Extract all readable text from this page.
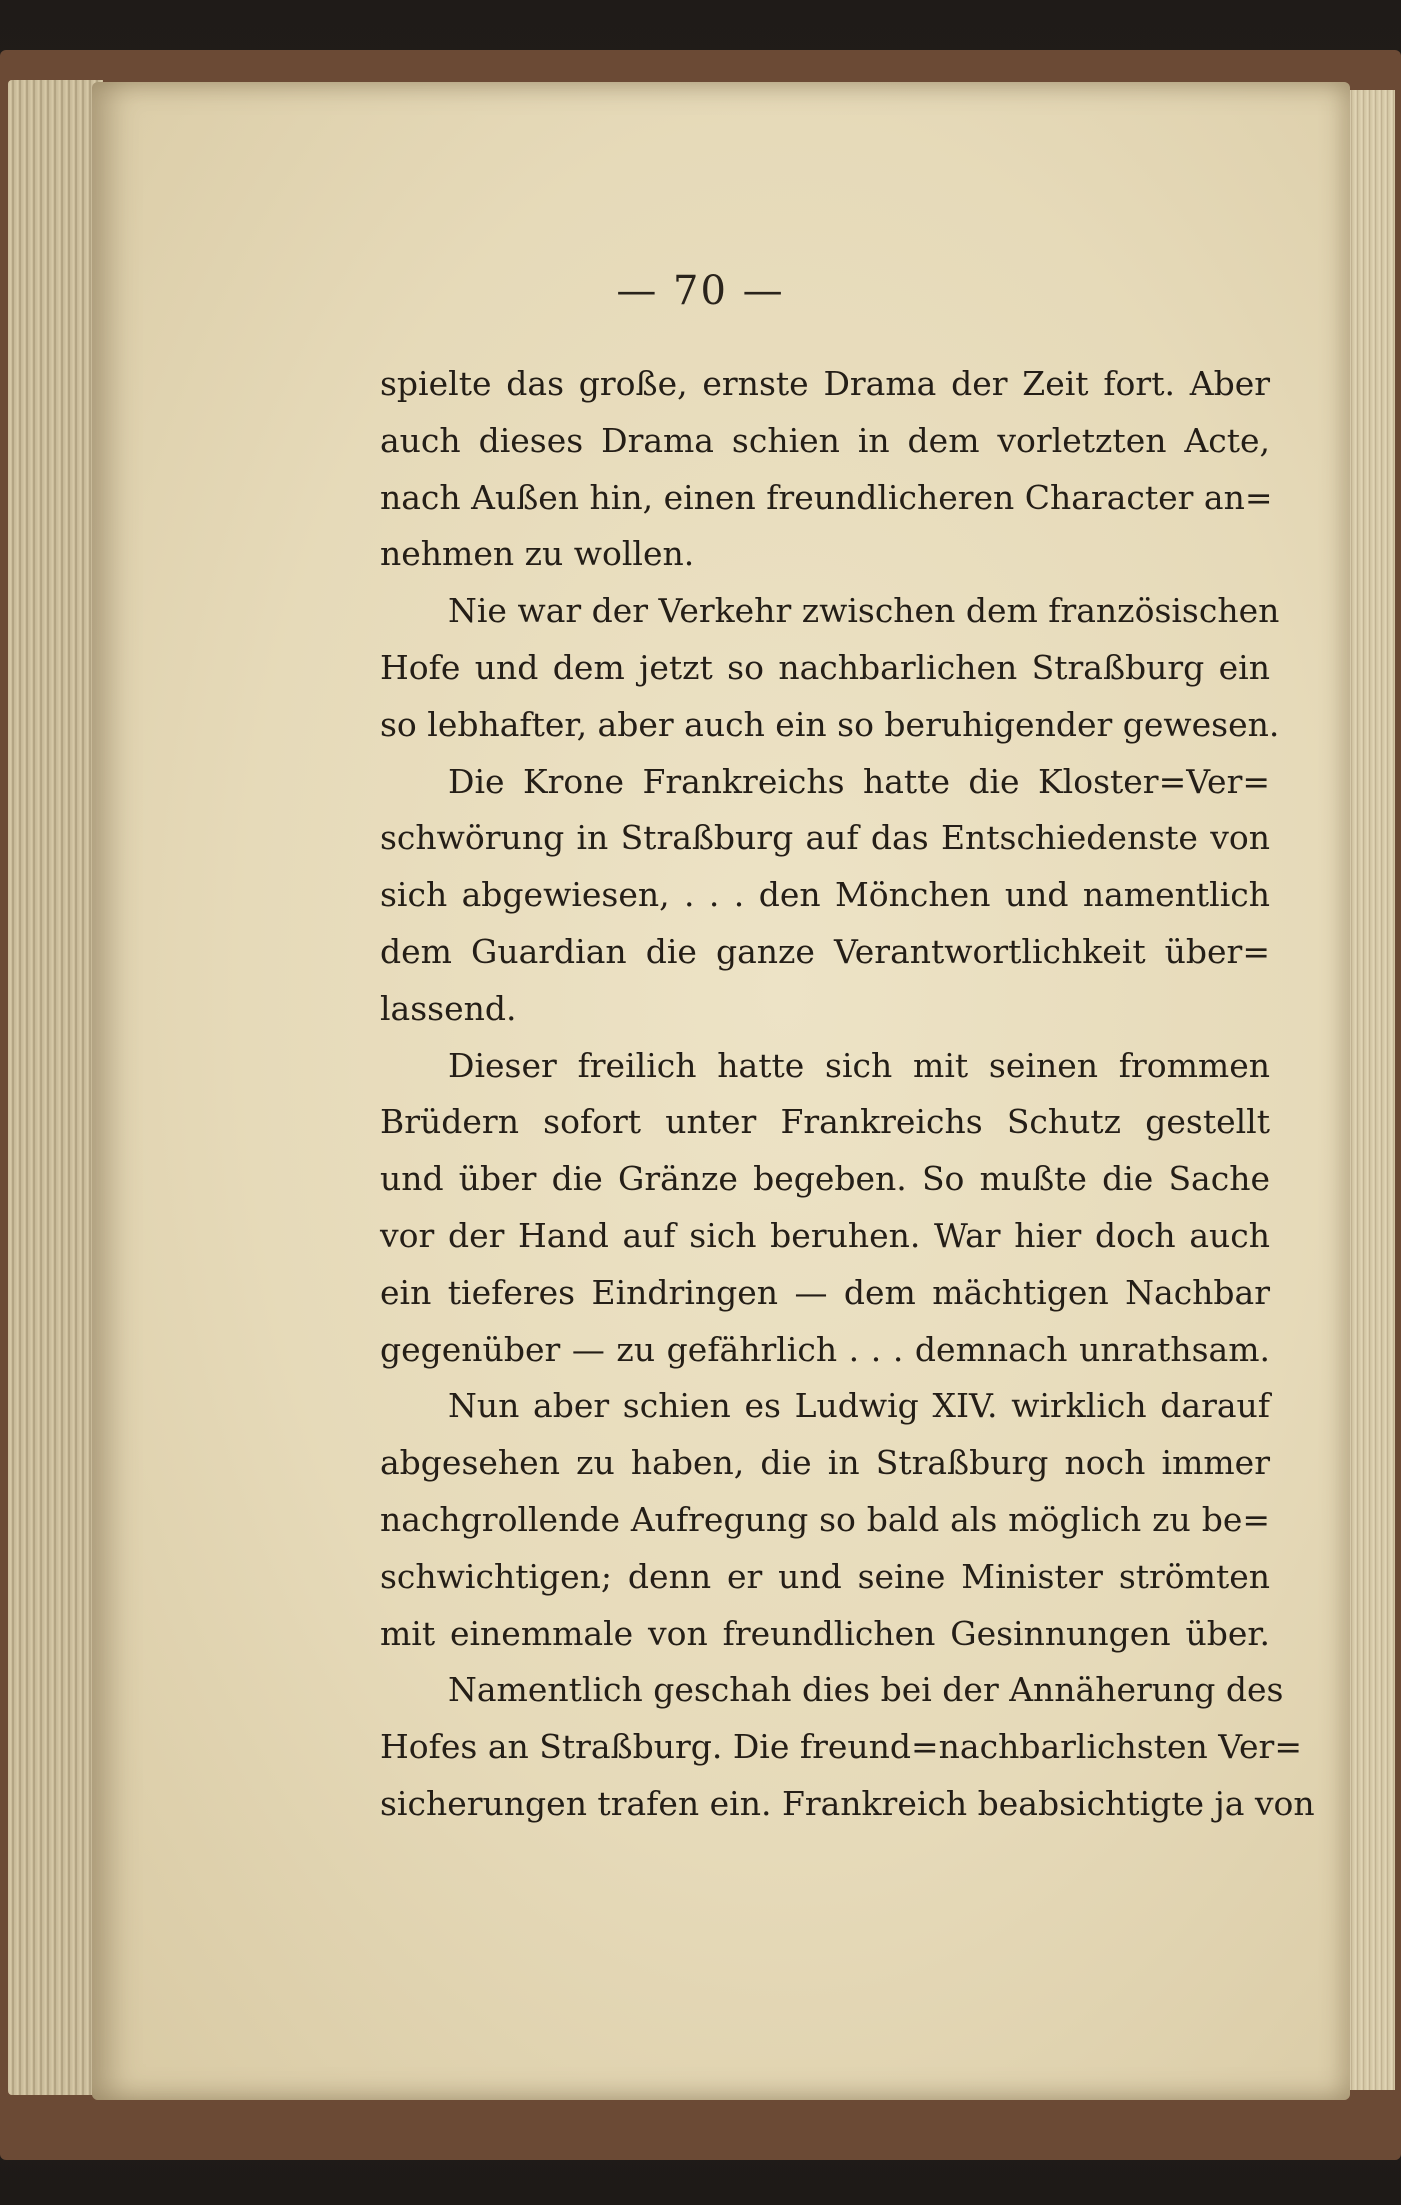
— 70 —
spielte das große, ernste Drama der Zeit fort. Aber
auch dieses Drama schien in dem vorletzten Acte,
nach Außen hin, einen freundlicheren Character an=
nehmen zu wollen.
Nie war der Verkehr zwischen dem französischen
Hofe und dem jetzt so nachbarlichen Straßburg ein
so lebhafter, aber auch ein so beruhigender gewesen.
Die Krone Frankreichs hatte die Kloster=Ver=
schwörung in Straßburg auf das Entschiedenste von
sich abgewiesen, . . . den Mönchen und namentlich
dem Guardian die ganze Verantwortlichkeit über=
lassend.
Dieser freilich hatte sich mit seinen frommen
Brüdern sofort unter Frankreichs Schutz gestellt
und über die Gränze begeben. So mußte die Sache
vor der Hand auf sich beruhen. War hier doch auch
ein tieferes Eindringen — dem mächtigen Nachbar
gegenüber — zu gefährlich . . . demnach unrathsam.
Nun aber schien es Ludwig XIV. wirklich darauf
abgesehen zu haben, die in Straßburg noch immer
nachgrollende Aufregung so bald als möglich zu be=
schwichtigen; denn er und seine Minister strömten
mit einemmale von freundlichen Gesinnungen über.
Namentlich geschah dies bei der Annäherung des
Hofes an Straßburg. Die freund=nachbarlichsten Ver=
sicherungen trafen ein. Frankreich beabsichtigte ja von
